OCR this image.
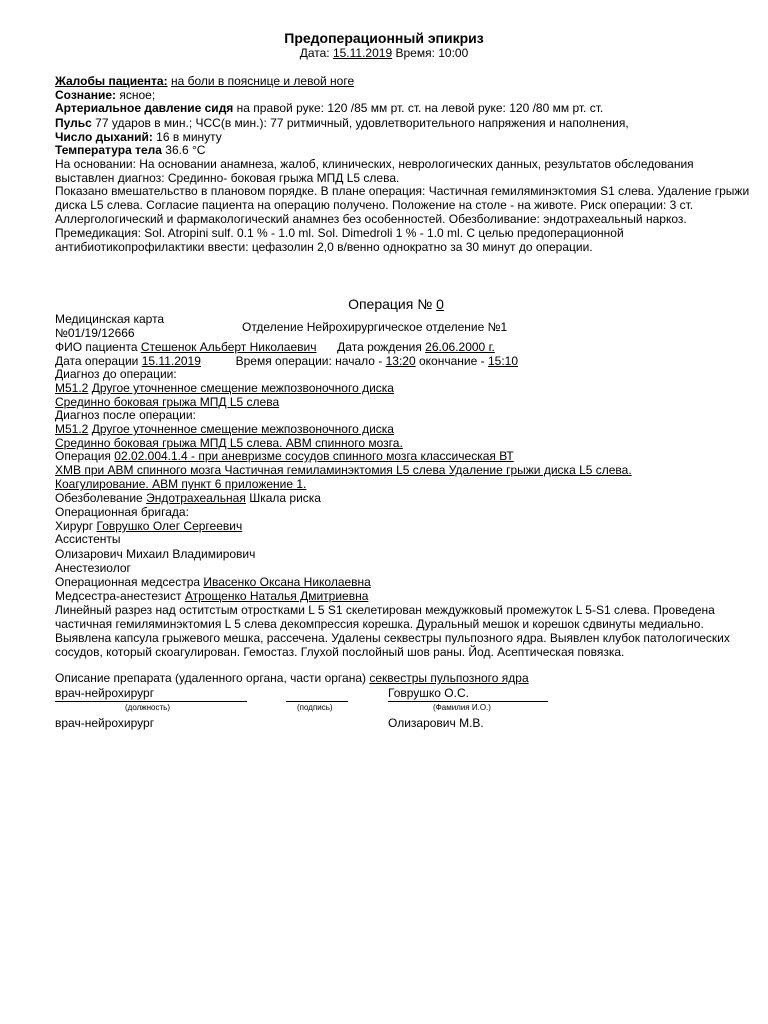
Предоперационный эпикриз
Дата: 15.11.2019 Время: 10:00
Жалобы пациента: на боли в пояснице и левой ноге
Сознание: ясное;
Артериальное давление сидя на правой руке: 120 /85 мм рт. ст. на левой руке: 120 /80 мм рт. ст.
Пульс 77 ударов в мин.; ЧСС(в мин.): 77 ритмичный, удовлетворительного напряжения и наполнения,
Число дыханий: 16 в минуту
Температура тела 36.6 °C
На основании: На основании анамнеза, жалоб, клинических, неврологических данных, результатов обследования выставлен диагноз: Срединно- боковая грыжа МПД L5 слева.
Показано вмешательство в плановом порядке. В плане операция: Частичная гемиляминэктомия S1 слева. Удаление грыжи диска L5 слева. Согласие пациента на операцию получено. Положение на столе - на животе. Риск операции: 3 ст. Аллергологический и фармакологический анамнез без особенностей. Обезболивание: эндотрахеальный наркоз. Премедикация: Sol. Atropini sulf. 0.1 % - 1.0 ml. Sol. Dimedroli 1 % - 1.0 ml. С целью предоперационной антибиотикопрофилактики ввести: цефазолин 2,0 в/венно однократно за 30 минут до операции.
Операция № 0
Медицинская карта
№01/19/12666	Отделение Нейрохирургическое отделение №1
ФИО пациента Стешенок Альберт Николаевич Дата рождения 26.06.2000 г.
Дата операции 15.11.2019	Время операции: начало - 13:20 окончание - 15:10
Диагноз до операции:
M51.2 Другое уточненное смещение межпозвоночного диска
Срединно боковая грыжа МПД L5 слева
Диагноз после операции:
M51.2 Другое уточненное смещение межпозвоночного диска
Срединно боковая грыжа МПД L5 слева. АВМ спинного мозга.
Операция 02.02.004.1.4 - при аневризме сосудов спинного мозга классическая ВТ
ХМВ при АВМ спинного мозга Частичная гемиламинэктомия L5 слева Удаление грыжи диска L5 слева.
Коагулирование. АВМ пункт 6 приложение 1.
Обезболевание Эндотрахеальная Шкала риска
Операционная бригада:
Хирург Говрушко Олег Сергеевич
Ассистенты
Олизарович Михаил Владимирович
Анестезиолог
Операционная медсестра Ивасенко Оксана Николаевна
Медсестра-анестезист Атрощенко Наталья Дмитриевна
Линейный разрез над оститстым отростками L 5 S1 скелетирован междужковый промежуток L 5-S1 слева. Проведена частичная гемиляминэктомия L 5 слева декомпрессия корешка. Дуральный мешок и корешок сдвинуты медиально. Выявлена капсула грыжевого мешка, рассечена. Удалены секвестры пульпозного ядра. Выявлен клубок патологических сосудов, который скоагулирован. Гемостаз. Глухой послойный шов раны. Йод. Асептическая повязка.
Описание препарата (удаленного органа, части органа) секвестры пульпозного ядра
врач-нейрохирург	Говрушко О.С.
(должность)	(подпись)	(Фамилия И.О.)
врач-нейрохирург	Олизарович М.В.
